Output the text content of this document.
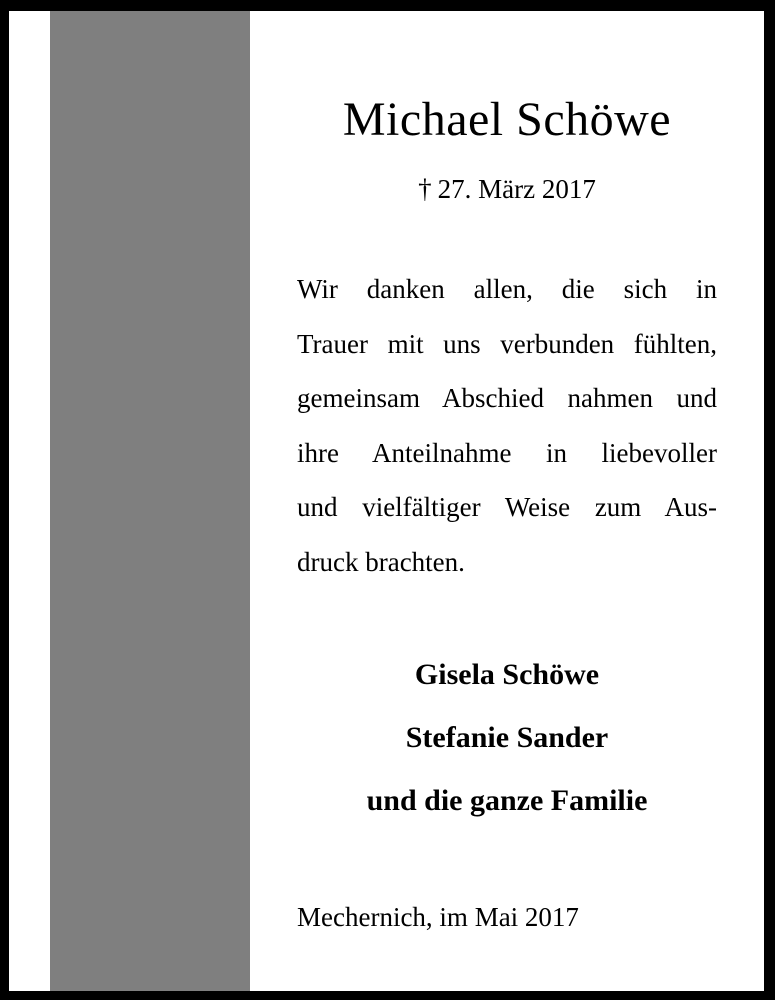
Michael Schöwe
† 27. März 2017
Wir danken allen, die sich in
Trauer mit uns verbunden fühlten,
gemeinsam Abschied nahmen und
ihre Anteilnahme in liebevoller
und vielfältiger Weise zum Aus-
druck brachten.
Gisela Schöwe
Stefanie Sander
und die ganze Familie
Mechernich, im Mai 2017
